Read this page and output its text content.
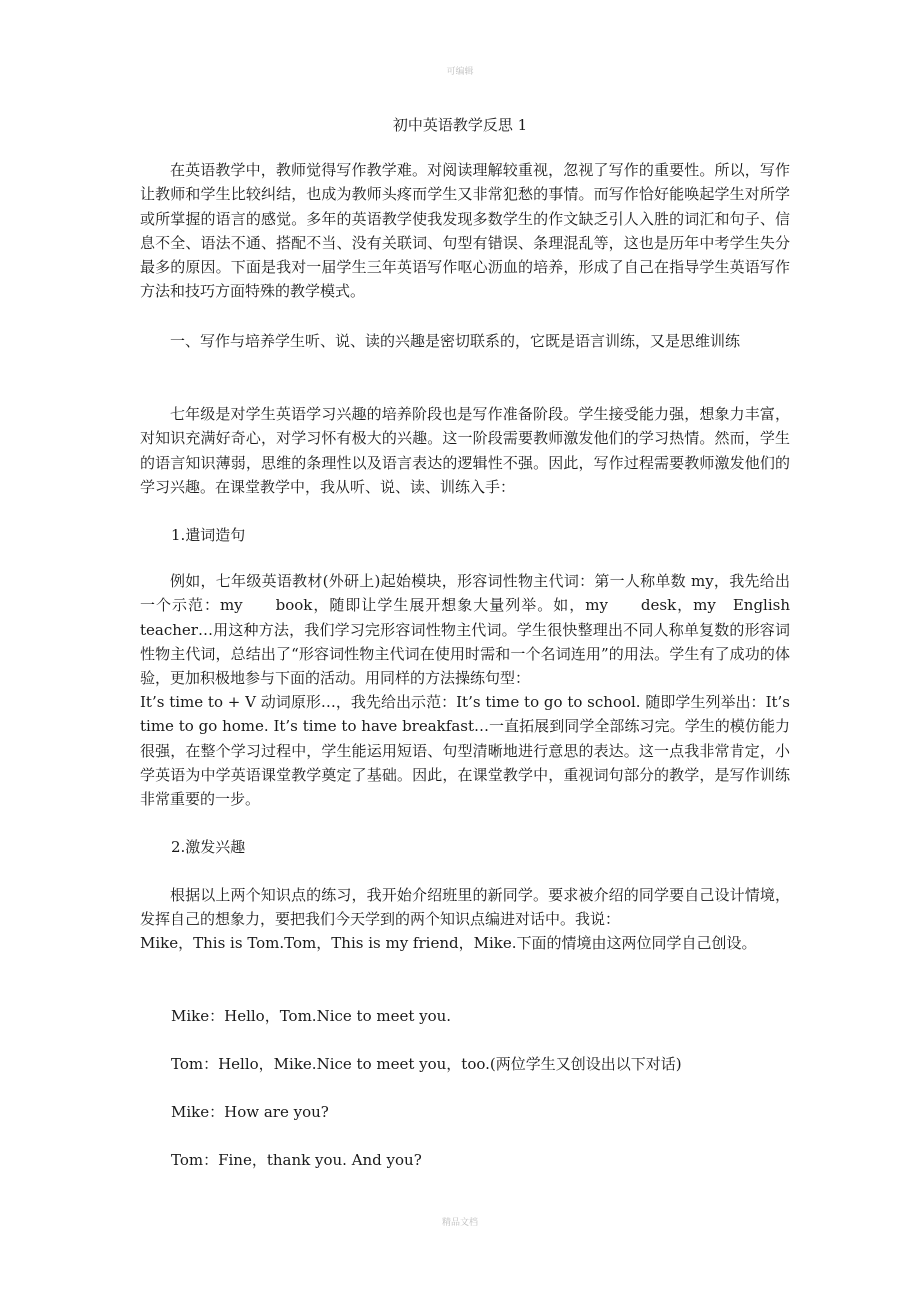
可编辑
初中英语教学反思 1

在英语教学中，教师觉得写作教学难。对阅读理解较重视，忽视了写作的重要性。所以，写作让教师和学生比较纠结，也成为教师头疼而学生又非常犯愁的事情。而写作恰好能唤起学生对所学或所掌握的语言的感觉。多年的英语教学使我发现多数学生的作文缺乏引人入胜的词汇和句子、信息不全、语法不通、搭配不当、没有关联词、句型有错误、条理混乱等，这也是历年中考学生失分最多的原因。下面是我对一届学生三年英语写作呕心沥血的培养，形成了自己在指导学生英语写作方法和技巧方面特殊的教学模式。

一、写作与培养学生听、说、读的兴趣是密切联系的，它既是语言训练，又是思维训练

七年级是对学生英语学习兴趣的培养阶段也是写作准备阶段。学生接受能力强，想象力丰富，对知识充满好奇心，对学习怀有极大的兴趣。这一阶段需要教师激发他们的学习热情。然而，学生的语言知识薄弱，思维的条理性以及语言表达的逻辑性不强。因此，写作过程需要教师激发他们的学习兴趣。在课堂教学中，我从听、说、读、训练入手：

1.遣词造句

例如，七年级英语教材(外研上)起始模块，形容词性物主代词：第一人称单数 my，我先给出一个示范：my　　book，随即让学生展开想象大量列举。如，my　　desk，my　English　 teacher…用这种方法，我们学习完形容词性物主代词。学生很快整理出不同人称单复数的形容词性物主代词，总结出了“形容词性物主代词在使用时需和一个名词连用”的用法。学生有了成功的体验，更加积极地参与下面的活动。用同样的方法操练句型：

It’s time to + V 动词原形…，我先给出示范：It’s time to go to school. 随即学生列举出：It’s time to go home. It’s time to have breakfast…一直拓展到同学全部练习完。学生的模仿能力很强，在整个学习过程中，学生能运用短语、句型清晰地进行意思的表达。这一点我非常肯定，小学英语为中学英语课堂教学奠定了基础。因此，在课堂教学中，重视词句部分的教学，是写作训练非常重要的一步。

2.激发兴趣

根据以上两个知识点的练习，我开始介绍班里的新同学。要求被介绍的同学要自己设计情境，发挥自己的想象力，要把我们今天学到的两个知识点编进对话中。我说：

Mike，This is Tom.Tom，This is my friend，Mike.下面的情境由这两位同学自己创设。

Mike：Hello，Tom.Nice to meet you.

Tom：Hello，Mike.Nice to meet you，too.(两位学生又创设出以下对话)

Mike：How are you?

Tom：Fine，thank you. And you?

精品文档
